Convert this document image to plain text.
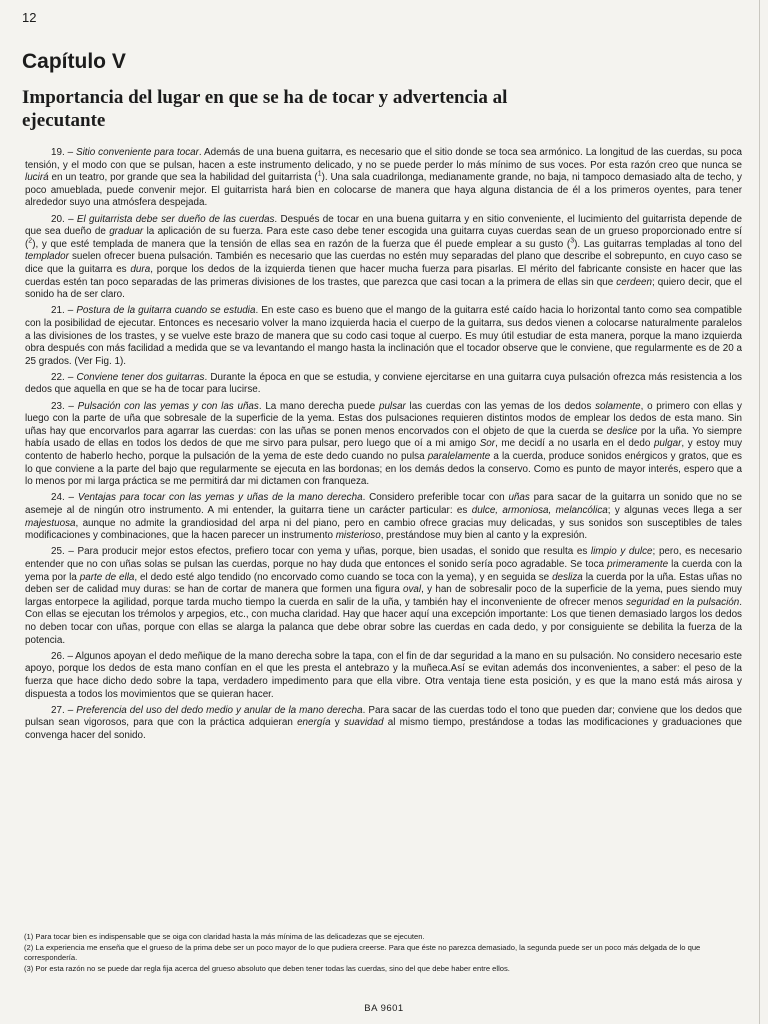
12
Capítulo V
Importancia del lugar en que se ha de tocar y advertencia al ejecutante

19. – Sitio conveniente para tocar. Además de una buena guitarra, es necesario que el sitio donde se toca sea armónico. La longitud de las cuerdas, su poca tensión, y el modo con que se pulsan, hacen a este instrumento delicado, y no se puede perder lo más mínimo de sus voces. Por esta razón creo que nunca se lucirá en un teatro, por grande que sea la habilidad del guitarrista ($^1$). Una sala cuadrilonga, medianamente grande, no baja, ni tampoco demasiado alta de techo, y poco amueblada, puede convenir mejor. El guitarrista hará bien en colocarse de manera que haya alguna distancia de él a los primeros oyentes, para tener alrededor suyo una atmósfera despejada.

20. – El guitarrista debe ser dueño de las cuerdas. Después de tocar en una buena guitarra y en sitio conveniente, el lucimiento del guitarrista depende de que sea dueño de graduar la aplicación de su fuerza. Para este caso debe tener escogida una guitarra cuyas cuerdas sean de un grueso proporcionado entre sí ($^2$), y que esté templada de manera que la tensión de ellas sea en razón de la fuerza que él puede emplear a su gusto ($^3$). Las guitarras templadas al tono del templador suelen ofrecer buena pulsación. También es necesario que las cuerdas no estén muy separadas del plano que describe el sobrepunto, en cuyo caso se dice que la guitarra es dura, porque los dedos de la izquierda tienen que hacer mucha fuerza para pisarlas. El mérito del fabricante consiste en hacer que las cuerdas estén tan poco separadas de las primeras divisiones de los trastes, que parezca que casi tocan a la primera de ellas sin que cerdeen; quiero decir, que el sonido ha de ser claro.

21. – Postura de la guitarra cuando se estudia. En este caso es bueno que el mango de la guitarra esté caído hacia lo horizontal tanto como sea compatible con la posibilidad de ejecutar. Entonces es necesario volver la mano izquierda hacia el cuerpo de la guitarra, sus dedos vienen a colocarse naturalmente paralelos a las divisiones de los trastes, y se vuelve este brazo de manera que su codo casi toque al cuerpo. Es muy útil estudiar de esta manera, porque la mano izquierda obra después con más facilidad a medida que se va levantando el mango hasta la inclinación que el tocador observe que le conviene, que regularmente es de 20 a 25 grados. (Ver Fig. 1).

22. – Conviene tener dos guitarras. Durante la época en que se estudia, y conviene ejercitarse en una guitarra cuya pulsación ofrezca más resistencia a los dedos que aquella en que se ha de tocar para lucirse.

23. – Pulsación con las yemas y con las uñas. La mano derecha puede pulsar las cuerdas con las yemas de los dedos solamente, o primero con ellas y luego con la parte de uña que sobresale de la superficie de la yema. Estas dos pulsaciones requieren distintos modos de emplear los dedos de esta mano. Sin uñas hay que encorvarlos para agarrar las cuerdas: con las uñas se ponen menos encorvados con el objeto de que la cuerda se deslice por la uña. Yo siempre había usado de ellas en todos los dedos de que me sirvo para pulsar, pero luego que oí a mi amigo Sor, me decidí a no usarla en el dedo pulgar, y estoy muy contento de haberlo hecho, porque la pulsación de la yema de este dedo cuando no pulsa paralelamente a la cuerda, produce sonidos enérgicos y gratos, que es lo que conviene a la parte del bajo que regularmente se ejecuta en las bordonas; en los demás dedos la conservo. Como es punto de mayor interés, espero que a lo menos por mi larga práctica se me permitirá dar mi dictamen con franqueza.

24. – Ventajas para tocar con las yemas y uñas de la mano derecha. Considero preferible tocar con uñas para sacar de la guitarra un sonido que no se asemeje al de ningún otro instrumento. A mi entender, la guitarra tiene un carácter particular: es dulce, armoniosa, melancólica; y algunas veces llega a ser majestuosa, aunque no admite la grandiosidad del arpa ni del piano, pero en cambio ofrece gracias muy delicadas, y sus sonidos son susceptibles de tales modificaciones y combinaciones, que la hacen parecer un instrumento misterioso, prestándose muy bien al canto y la expresión.

25. – Para producir mejor estos efectos, prefiero tocar con yema y uñas, porque, bien usadas, el sonido que resulta es limpio y dulce; pero, es necesario entender que no con uñas solas se pulsan las cuerdas, porque no hay duda que entonces el sonido sería poco agradable. Se toca primeramente la cuerda con la yema por la parte de ella, el dedo esté algo tendido (no encorvado como cuando se toca con la yema), y en seguida se desliza la cuerda por la uña. Estas uñas no deben ser de calidad muy duras: se han de cortar de manera que formen una figura oval, y han de sobresalir poco de la superficie de la yema, pues siendo muy largas entorpece la agilidad, porque tarda mucho tiempo la cuerda en salir de la uña, y también hay el inconveniente de ofrecer menos seguridad en la pulsación. Con ellas se ejecutan los trémolos y arpegios, etc., con mucha claridad. Hay que hacer aquí una excepción importante: Los que tienen demasiado largos los dedos no deben tocar con uñas, porque con ellas se alarga la palanca que debe obrar sobre las cuerdas en cada dedo, y por consiguiente se debilita la fuerza de la potencia.

26. – Algunos apoyan el dedo meñique de la mano derecha sobre la tapa, con el fin de dar seguridad a la mano en su pulsación. No considero necesario este apoyo, porque los dedos de esta mano confían en el que les presta el antebrazo y la muñeca.Así se evitan además dos inconvenientes, a saber: el peso de la fuerza que hace dicho dedo sobre la tapa, verdadero impedimento para que ella vibre. Otra ventaja tiene esta posición, y es que la mano está más airosa y dispuesta a todos los movimientos que se quieran hacer.

27. – Preferencia del uso del dedo medio y anular de la mano derecha. Para sacar de las cuerdas todo el tono que pueden dar; conviene que los dedos que pulsan sean vigorosos, para que con la práctica adquieran energía y suavidad al mismo tiempo, prestándose a todas las modificaciones y graduaciones que convenga hacer del sonido.

(1) Para tocar bien es indispensable que se oiga con claridad hasta la más mínima de las delicadezas que se ejecuten.

(2) La experiencia me enseña que el grueso de la prima debe ser un poco mayor de lo que pudiera creerse. Para que éste no parezca demasiado, la segunda puede ser un poco más delgada de lo que correspondería.

(3) Por esta razón no se puede dar regla fija acerca del grueso absoluto que deben tener todas las cuerdas, sino del que debe haber entre ellos.

BA 9601
